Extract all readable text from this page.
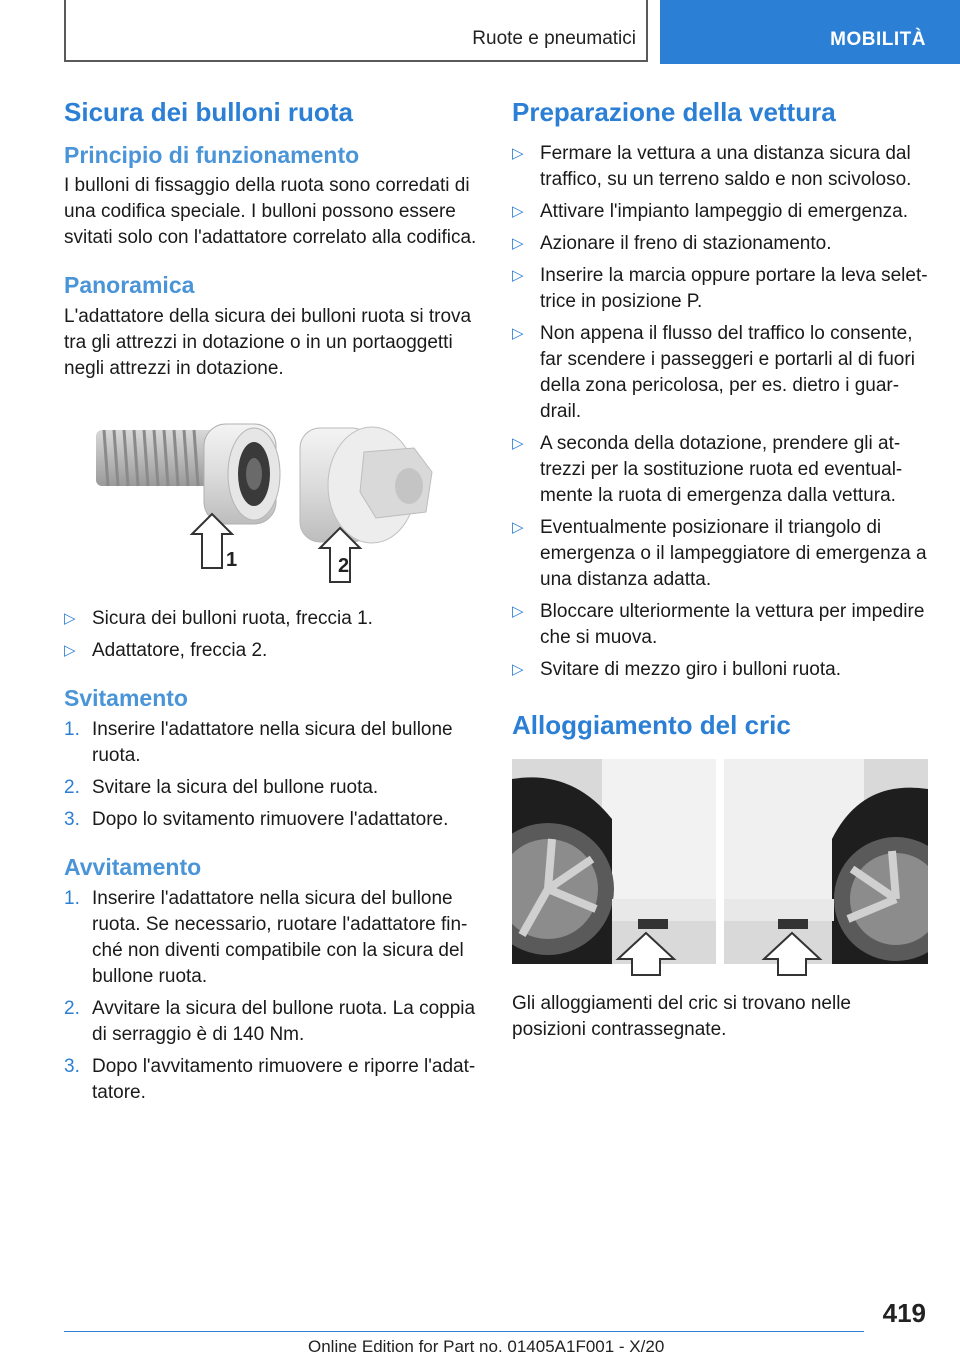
Ruote e pneumatici	MOBILITÀ
Sicura dei bulloni ruota
Principio di funzionamento

I bulloni di fissaggio della ruota sono corredati di una codifica speciale. I bulloni possono essere svitati solo con l'adattatore correlato alla codifica.

Panoramica

L'adattatore della sicura dei bulloni ruota si trova tra gli attrezzi in dotazione o in un portaoggetti negli attrezzi in dotazione.

1	2
▷ Sicura dei bulloni ruota, freccia 1.
▷ Adattatore, freccia 2.
Svitamento
1. Inserire l'adattatore nella sicura del bullone ruota.
2. Svitare la sicura del bullone ruota.
3. Dopo lo svitamento rimuovere l'adattatore.
Avvitamento
1. Inserire l'adattatore nella sicura del bullone ruota. Se necessario, ruotare l'adattatore fin- ché non diventi compatibile con la sicura del bullone ruota.
2. Avvitare la sicura del bullone ruota. La coppia di serraggio è di 140 Nm.
3. Dopo l'avvitamento rimuovere e riporre l'adat- tatore.
Preparazione della vettura
▷ Fermare la vettura a una distanza sicura dal traffico, su un terreno saldo e non scivoloso.
▷ Attivare l'impianto lampeggio di emergenza.
▷ Azionare il freno di stazionamento.
▷ Inserire la marcia oppure portare la leva selet- trice in posizione P.
▷ Non appena il flusso del traffico lo consente, far scendere i passeggeri e portarli al di fuori della zona pericolosa, per es. dietro i guar- drail.
▷ A seconda della dotazione, prendere gli at- trezzi per la sostituzione ruota ed eventual- mente la ruota di emergenza dalla vettura.
▷ Eventualmente posizionare il triangolo di emergenza o il lampeggiatore di emergenza a una distanza adatta.
▷ Bloccare ulteriormente la vettura per impedire che si muova.
▷ Svitare di mezzo giro i bulloni ruota.
Alloggiamento del cric

Gli alloggiamenti del cric si trovano nelle posizioni contrassegnate.

419
Online Edition for Part no. 01405A1F001 - X/20
